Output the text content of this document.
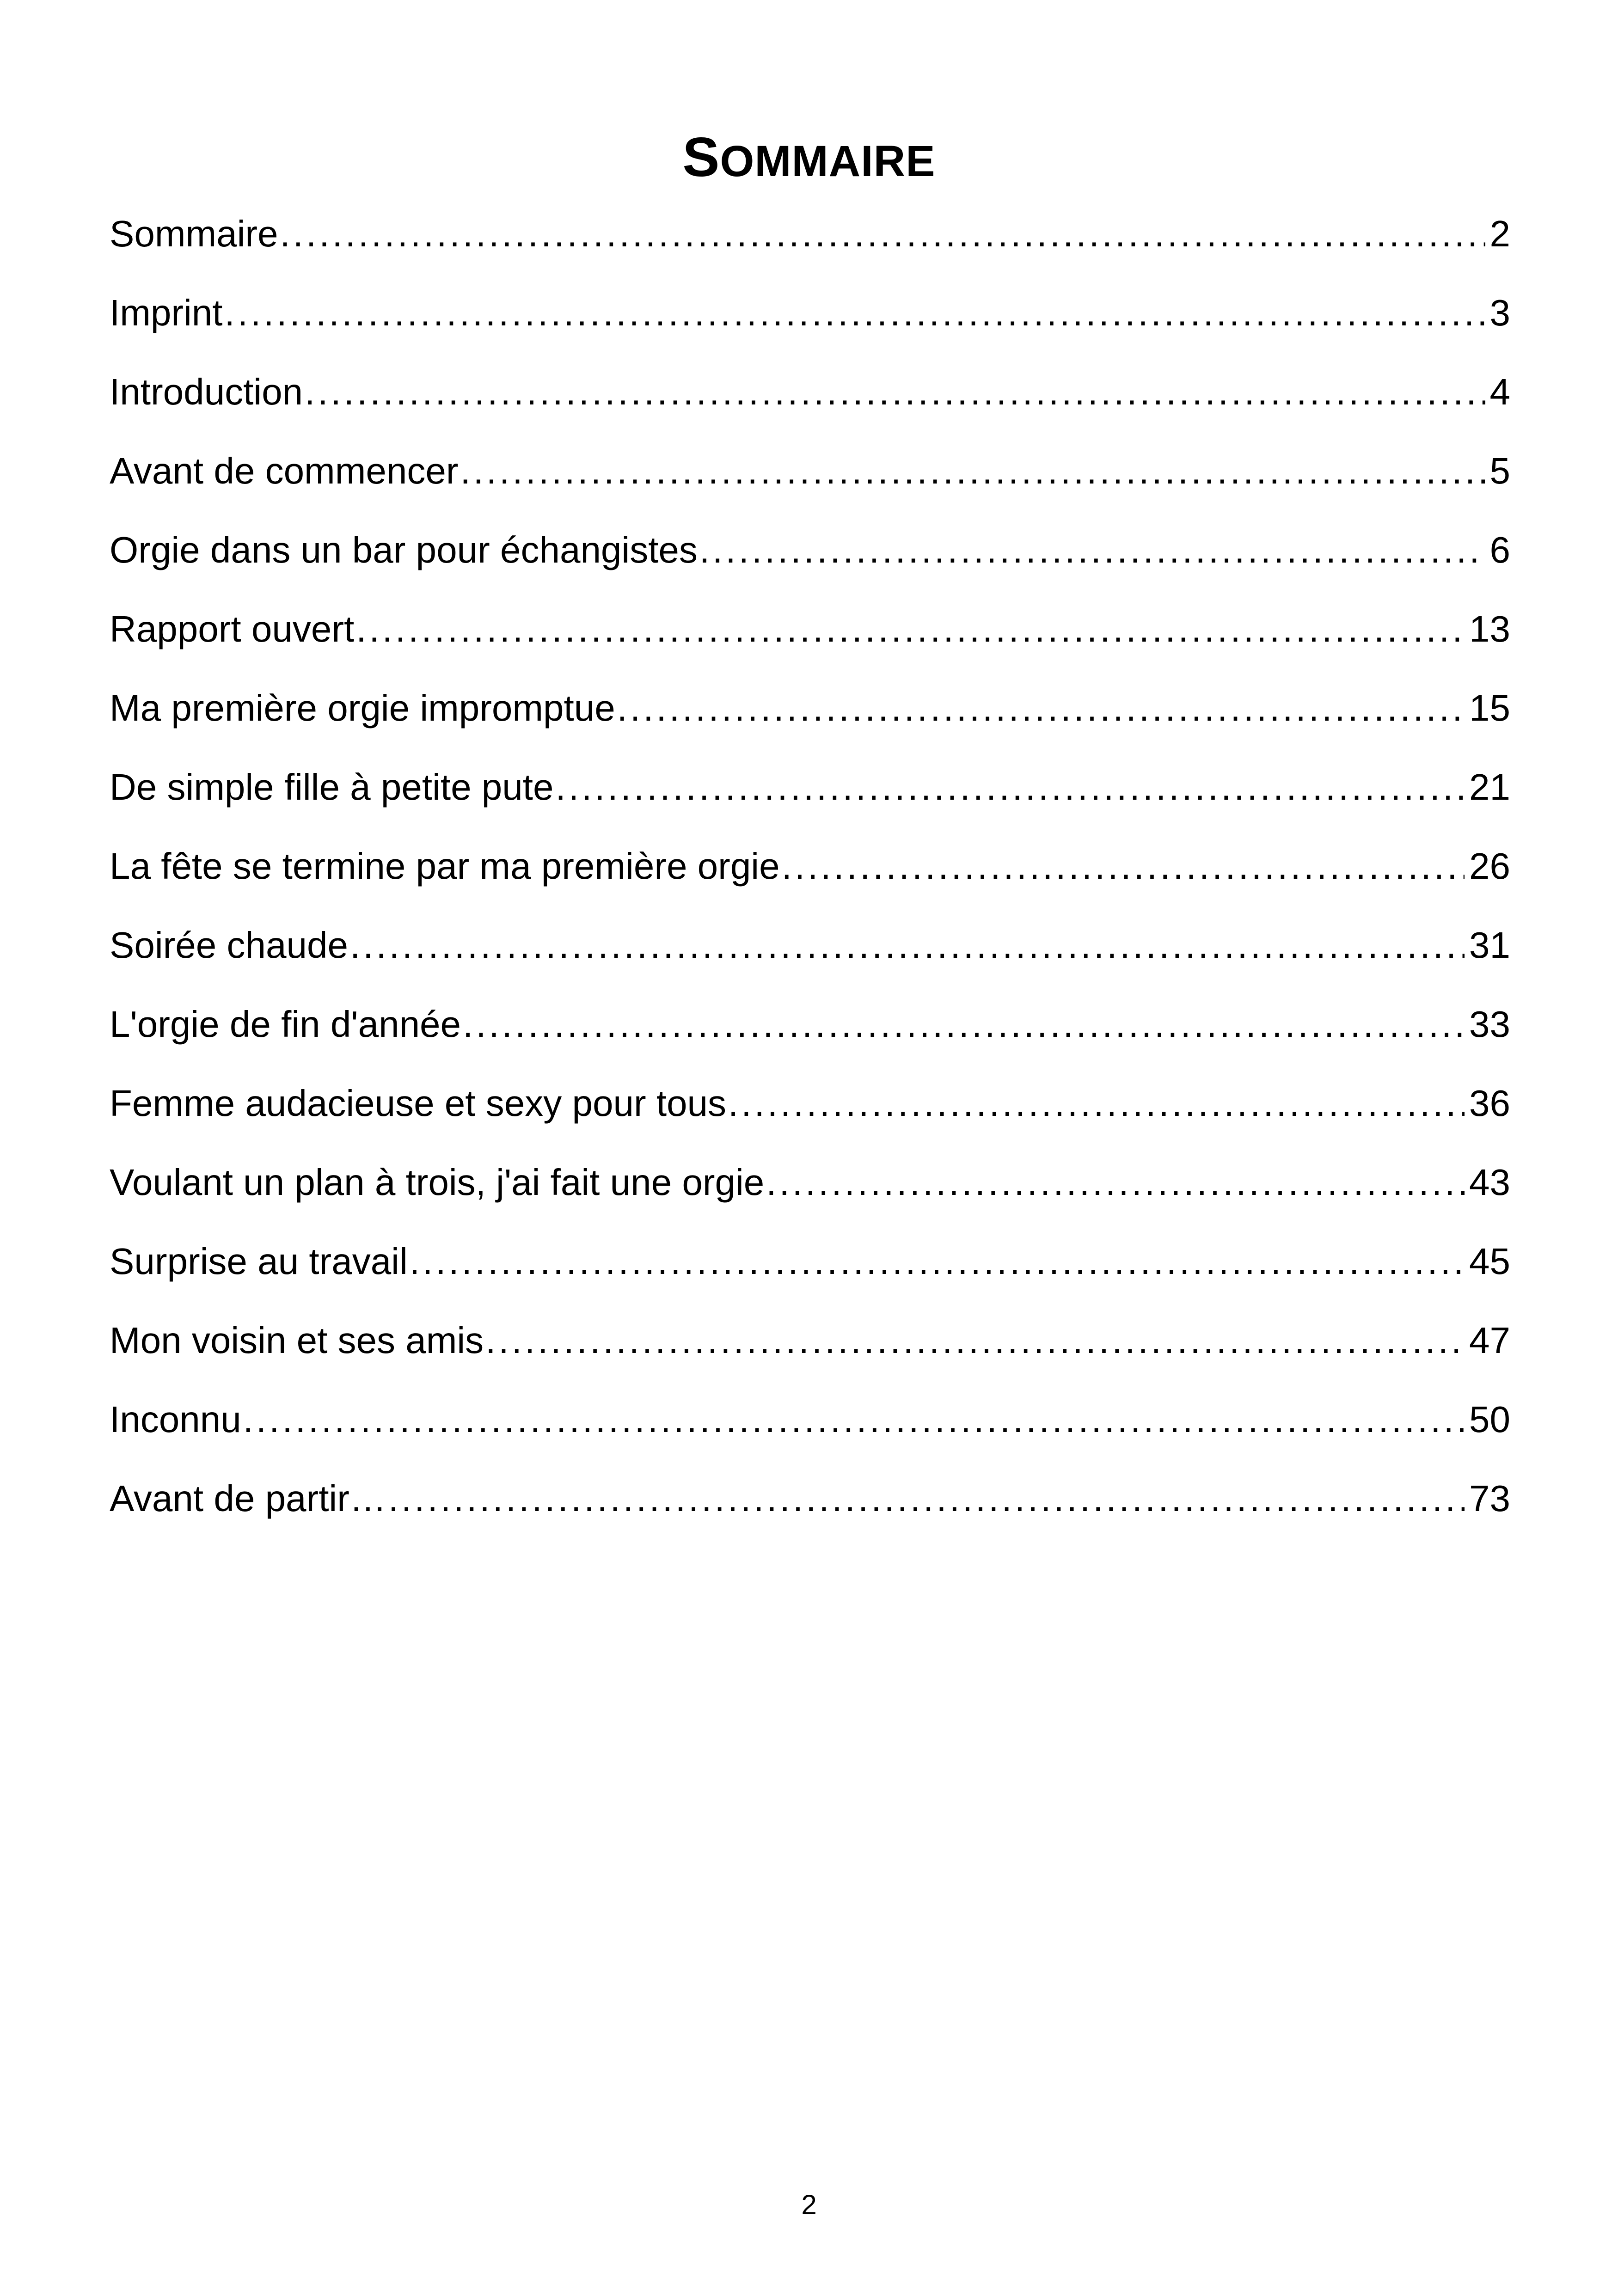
SOMMAIRE
Sommaire .....	2
Imprint .....	3
Introduction .....	4
Avant de commencer .....	5
Orgie dans un bar pour échangistes .....	6
Rapport ouvert .....	13
Ma première orgie impromptue .....	15
De simple fille à petite pute .....	21
La fête se termine par ma première orgie .....	26
Soirée chaude .....	31
L'orgie de fin d'année .....	33
Femme audacieuse et sexy pour tous .....	36
Voulant un plan à trois, j'ai fait une orgie .....	43
Surprise au travail .....	45
Mon voisin et ses amis .....	47
Inconnu .....	50
Avant de partir… .....	73
2
